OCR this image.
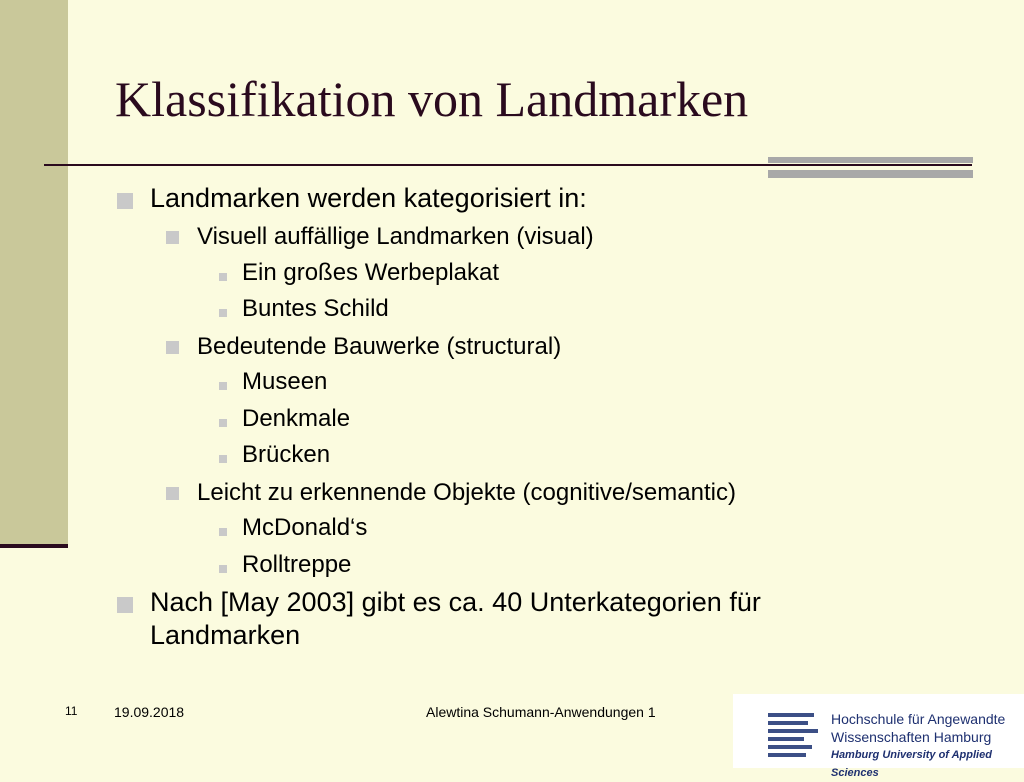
Klassifikation von Landmarken
Landmarken werden kategorisiert in:
Visuell auffällige Landmarken (visual)
Ein großes Werbeplakat
Buntes Schild
Bedeutende Bauwerke (structural)
Museen
Denkmale
Brücken
Leicht zu erkennende Objekte (cognitive/semantic)
McDonald‘s
Rolltreppe
Nach [May 2003] gibt es ca. 40 Unterkategorien für
Landmarken
11	19.09.2018	Alewtina Schumann-Anwendungen 1	Hochschule für Angewandte
Wissenschaften Hamburg
Hamburg University of Applied Sciences
